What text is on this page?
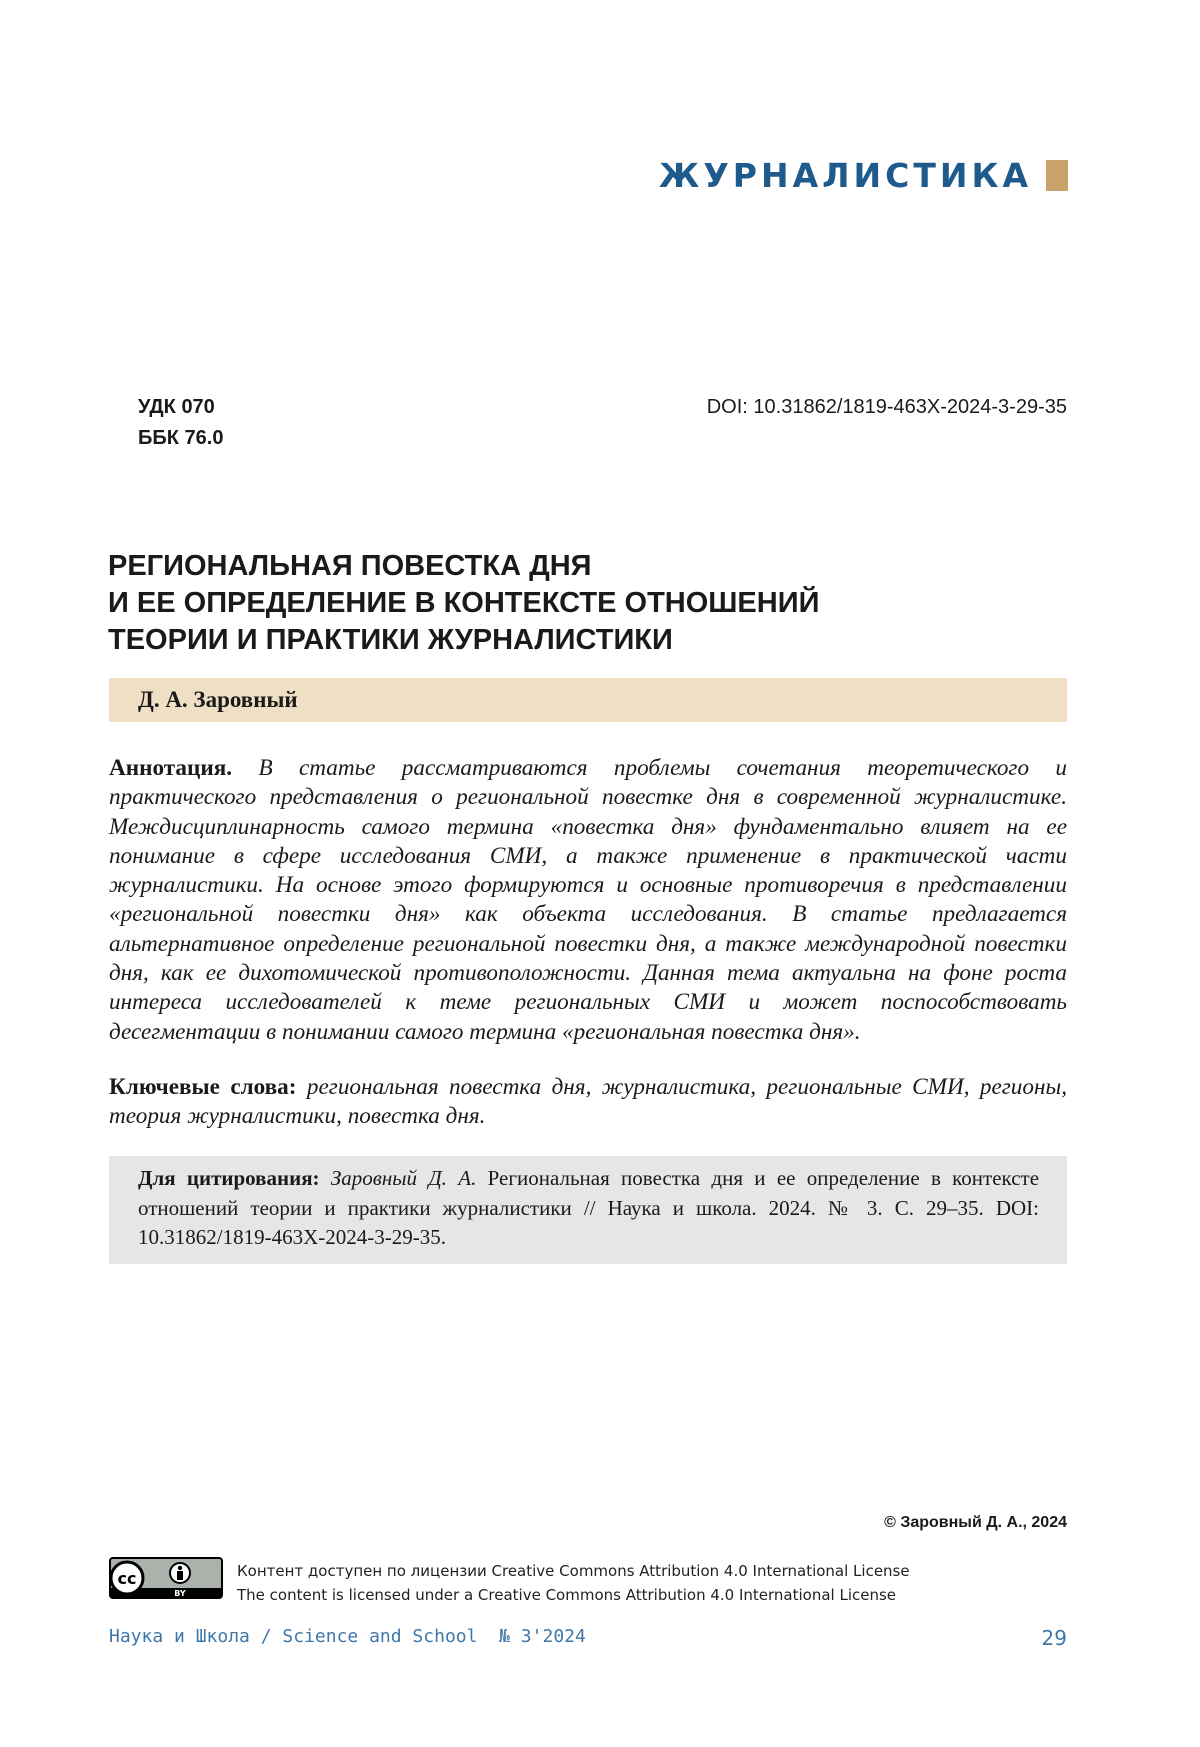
ЖУРНАЛИСТИКА
УДК 070
ББК 76.0
DOI: 10.31862/1819-463X-2024-3-29-35
РЕГИОНАЛЬНАЯ ПОВЕСТКА ДНЯ
И ЕЕ ОПРЕДЕЛЕНИЕ В КОНТЕКСТЕ ОТНОШЕНИЙ
ТЕОРИИ И ПРАКТИКИ ЖУРНАЛИСТИКИ
Д. А. Заровный

Аннотация. В статье рассматриваются проблемы сочетания теоретического и практического представления о региональной повестке дня в современной журналистике. Междисциплинарность самого термина «повестка дня» фундаментально влияет на ее понимание в сфере исследования СМИ, а также применение в практической части журналистики. На основе этого формируются и основные противоречия в представлении «региональной повестки дня» как объекта исследования. В статье предлагается альтернативное определение региональной повестки дня, а также международной повестки дня, как ее дихотомической противоположности. Данная тема актуальна на фоне роста интереса исследователей к теме региональных СМИ и может поспособствовать десегментации в понимании самого термина «региональная повестка дня».

Ключевые слова: региональная повестка дня, журналистика, региональные СМИ, регионы, теория журналистики, повестка дня.

Для цитирования: Заровный Д. А. Региональная повестка дня и ее определение в контексте отношений теории и практики журналистики // Наука и школа. 2024. № 3. С. 29–35. DOI: 10.31862/1819-463X-2024-3-29-35.
© Заровный Д. А., 2024
cc
BY
Контент доступен по лицензии Creative Commons Attribution 4.0 International License
The content is licensed under a Creative Commons Attribution 4.0 International License
Наука и Школа / Science and School  № 3'2024	29
